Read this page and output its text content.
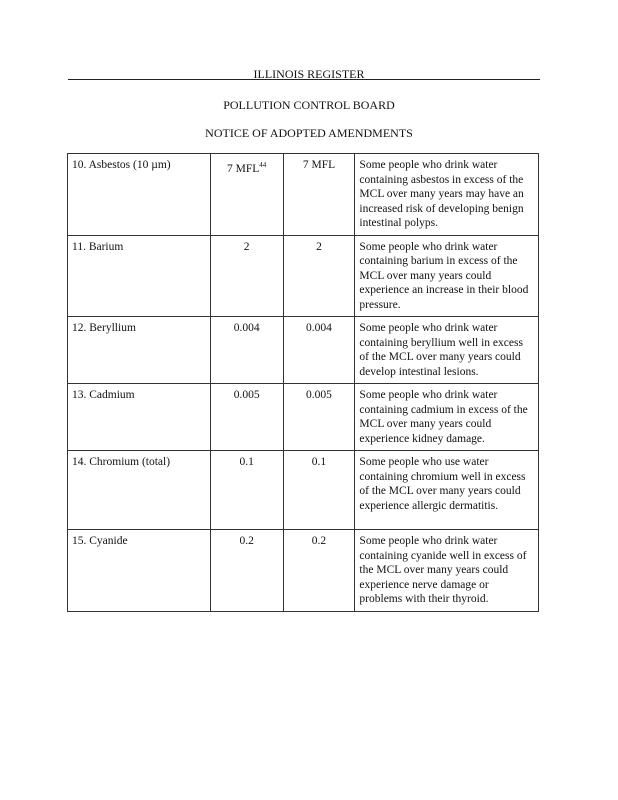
ILLINOIS REGISTER
POLLUTION CONTROL BOARD
NOTICE OF ADOPTED AMENDMENTS
10. Asbestos (10 µm)	7 MFL$^{44}$	7 MFL	Some people who drink water containing asbestos in excess of the MCL over many years may have an increased risk of developing benign intestinal polyps.
11. Barium	2	2	Some people who drink water containing barium in excess of the MCL over many years could experience an increase in their blood pressure.
12. Beryllium	0.004	0.004	Some people who drink water containing beryllium well in excess of the MCL over many years could develop intestinal lesions.
13. Cadmium	0.005	0.005	Some people who drink water containing cadmium in excess of the MCL over many years could experience kidney damage.
14. Chromium (total)	0.1	0.1	Some people who use water containing chromium well in excess of the MCL over many years could experience allergic dermatitis.
15. Cyanide	0.2	0.2	Some people who drink water containing cyanide well in excess of the MCL over many years could experience nerve damage or problems with their thyroid.
